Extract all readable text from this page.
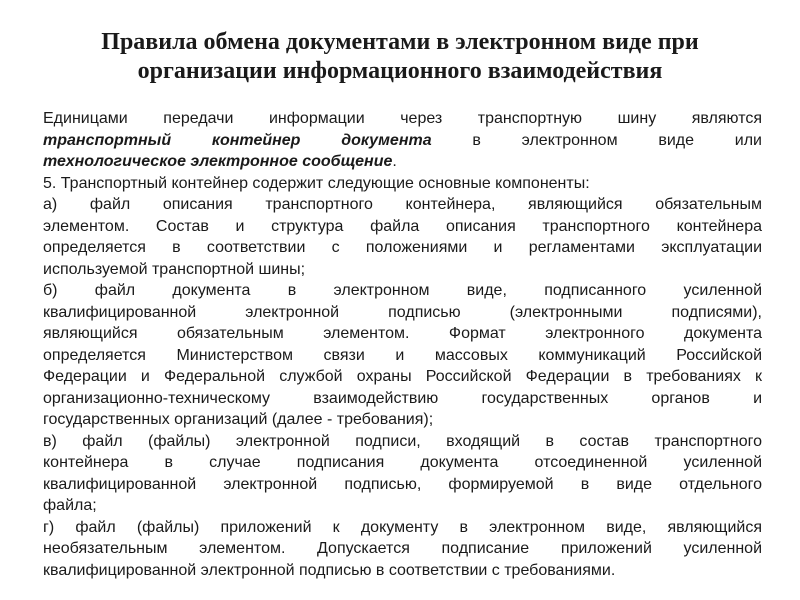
Правила обмена документами в электронном виде при
организации информационного взаимодействия
Единицами передачи информации через транспортную шину являются
транспортный контейнер документа в электронном виде или
технологическое электронное сообщение.
5. Транспортный контейнер содержит следующие основные компоненты:
а) файл описания транспортного контейнера, являющийся обязательным
элементом. Состав и структура файла описания транспортного контейнера
определяется в соответствии с положениями и регламентами эксплуатации
используемой транспортной шины;
б) файл документа в электронном виде, подписанного усиленной
квалифицированной электронной подписью (электронными подписями),
являющийся обязательным элементом. Формат электронного документа
определяется Министерством связи и массовых коммуникаций Российской
Федерации и Федеральной службой охраны Российской Федерации в требованиях к
организационно-техническому взаимодействию государственных органов и
государственных организаций (далее - требования);
в) файл (файлы) электронной подписи, входящий в состав транспортного
контейнера в случае подписания документа отсоединенной усиленной
квалифицированной электронной подписью, формируемой в виде отдельного
файла;
г) файл (файлы) приложений к документу в электронном виде, являющийся
необязательным элементом. Допускается подписание приложений усиленной
квалифицированной электронной подписью в соответствии с требованиями.
